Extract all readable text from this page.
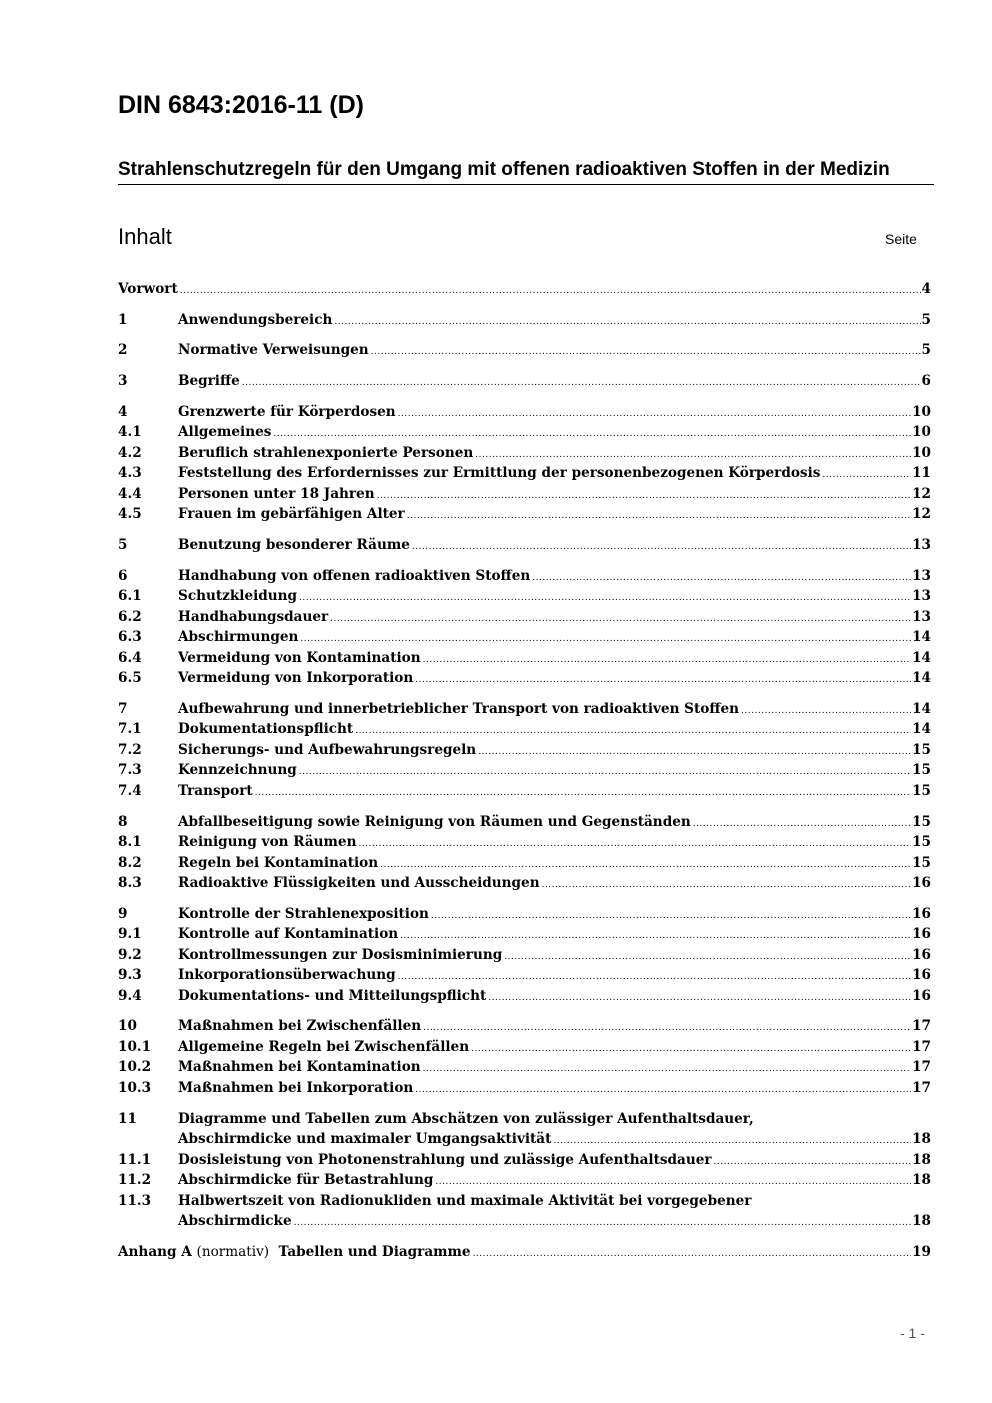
DIN 6843:2016-11 (D)
Strahlenschutzregeln für den Umgang mit offenen radioaktiven Stoffen in der Medizin
Inhalt	Seite
Vorwort .....	4
1	Anwendungsbereich .....	5
2	Normative Verweisungen .....	5
3	Begriffe .....	6
4	Grenzwerte für Körperdosen .....	10
4.1	Allgemeines .....	10
4.2	Beruflich strahlenexponierte Personen .....	10
4.3	Feststellung des Erfordernisses zur Ermittlung der personenbezogenen Körperdosis .....	11
4.4	Personen unter 18 Jahren .....	12
4.5	Frauen im gebärfähigen Alter .....	12
5	Benutzung besonderer Räume .....	13
6	Handhabung von offenen radioaktiven Stoffen .....	13
6.1	Schutzkleidung .....	13
6.2	Handhabungsdauer .....	13
6.3	Abschirmungen .....	14
6.4	Vermeidung von Kontamination .....	14
6.5	Vermeidung von Inkorporation .....	14
7	Aufbewahrung und innerbetrieblicher Transport von radioaktiven Stoffen .....	14
7.1	Dokumentationspflicht .....	14
7.2	Sicherungs- und Aufbewahrungsregeln .....	15
7.3	Kennzeichnung .....	15
7.4	Transport .....	15
8	Abfallbeseitigung sowie Reinigung von Räumen und Gegenständen .....	15
8.1	Reinigung von Räumen .....	15
8.2	Regeln bei Kontamination .....	15
8.3	Radioaktive Flüssigkeiten und Ausscheidungen .....	16
9	Kontrolle der Strahlenexposition .....	16
9.1	Kontrolle auf Kontamination .....	16
9.2	Kontrollmessungen zur Dosisminimierung .....	16
9.3	Inkorporationsüberwachung .....	16
9.4	Dokumentations- und Mitteilungspflicht .....	16
10	Maßnahmen bei Zwischenfällen .....	17
10.1	Allgemeine Regeln bei Zwischenfällen .....	17
10.2	Maßnahmen bei Kontamination .....	17
10.3	Maßnahmen bei Inkorporation .....	17
11	Diagramme und Tabellen zum Abschätzen von zulässiger Aufenthaltsdauer,
Abschirmdicke und maximaler Umgangsaktivität .....	18
11.1	Dosisleistung von Photonenstrahlung und zulässige Aufenthaltsdauer .....	18
11.2	Abschirmdicke für Betastrahlung .....	18
11.3	Halbwertszeit von Radionukliden und maximale Aktivität bei vorgegebener
Abschirmdicke .....	18
Anhang A (normativ) Tabellen und Diagramme .....	19
- 1 -
